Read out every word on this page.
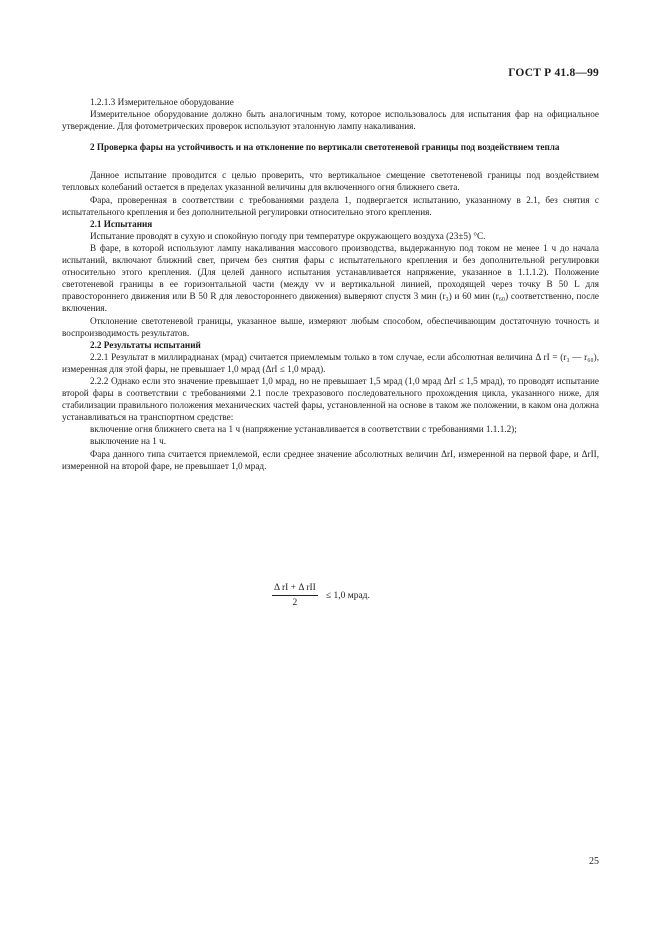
ГОСТ Р 41.8—99

1.2.1.3 Измерительное оборудование

Измерительное оборудование должно быть аналогичным тому, которое использовалось для испытания фар на официальное утверждение. Для фотометрических проверок используют эталонную лампу накаливания.

2 Проверка фары на устойчивость и на отклонение по вертикали светотеневой границы под воздействием тепла

Данное испытание проводится с целью проверить, что вертикальное смещение светотеневой границы под воздействием тепловых колебаний остается в пределах указанной величины для включенного огня ближнего света.

Фара, проверенная в соответствии с требованиями раздела 1, подвергается испытанию, указанному в 2.1, без снятия с испытательного крепления и без дополнительной регулировки относительно этого крепления.

2.1 Испытания

Испытание проводят в сухую и спокойную погоду при температуре окружающего воздуха (23±5) °С.

В фаре, в которой используют лампу накаливания массового производства, выдержанную под током не менее 1 ч до начала испытаний, включают ближний свет, причем без снятия фары с испытательного крепления и без дополнительной регулировки относительно этого крепления. (Для целей данного испытания устанавливается напряжение, указанное в 1.1.1.2). Положение светотеневой границы в ее горизонтальной части (между vv и вертикальной линией, проходящей через точку B 50 L для правостороннего движения или B 50 R для левостороннего движения) выверяют спустя 3 мин (r₃) и 60 мин (r₆₀) соответственно, после включения.

Отклонение светотеневой границы, указанное выше, измеряют любым способом, обеспечивающим достаточную точность и воспроизводимость результатов.

2.2 Результаты испытаний

2.2.1 Результат в миллирадианах (мрад) считается приемлемым только в том случае, если абсолютная величина Δ rI = (r₃ — r₆₀), измеренная для этой фары, не превышает 1,0 мрад (ΔrI ≤ 1,0 мрад).

2.2.2 Однако если это значение превышает 1,0 мрад, но не превышает 1,5 мрад (1,0 мрад ΔrI ≤ 1,5 мрад), то проводят испытание второй фары в соответствии с требованиями 2.1 после трехразового последовательного прохождения цикла, указанного ниже, для стабилизации правильного положения механических частей фары, установленной на основе в таком же положении, в каком она должна устанавливаться на транспортном средстве:

включение огня ближнего света на 1 ч (напряжение устанавливается в соответствии с требованиями 1.1.1.2);

выключение на 1 ч.

Фара данного типа считается приемлемой, если среднее значение абсолютных величин ΔrI, измеренной на первой фаре, и ΔrII, измеренной на второй фаре, не превышает 1,0 мрад.

$\frac{\text{Δ rI + Δ rII}}{2} \le 1,0$ мрад.
25
